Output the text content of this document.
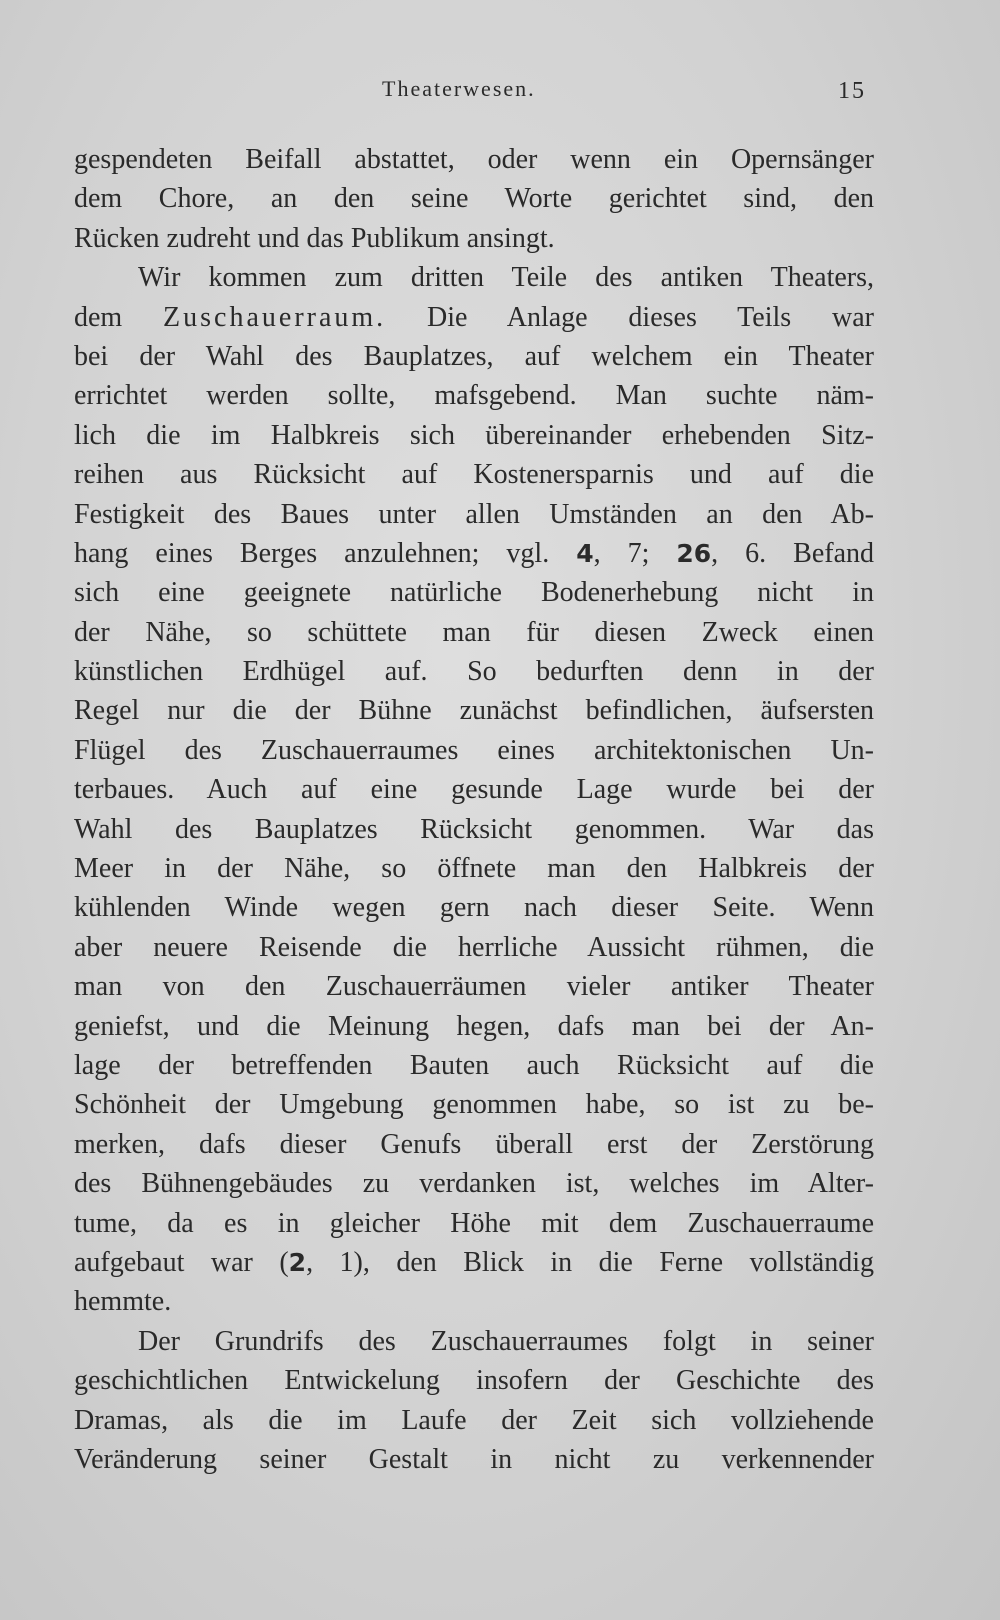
Theaterwesen.	15
gespendeten Beifall abstattet, oder wenn ein Opernsänger
dem Chore, an den seine Worte gerichtet sind, den
Rücken zudreht und das Publikum ansingt.
Wir kommen zum dritten Teile des antiken Theaters,
dem Zuschauerraum. Die Anlage dieses Teils war
bei der Wahl des Bauplatzes, auf welchem ein Theater
errichtet werden sollte, mafsgebend. Man suchte näm-
lich die im Halbkreis sich übereinander erhebenden Sitz-
reihen aus Rücksicht auf Kostenersparnis und auf die
Festigkeit des Baues unter allen Umständen an den Ab-
hang eines Berges anzulehnen; vgl. 4, 7; 26, 6. Befand
sich eine geeignete natürliche Bodenerhebung nicht in
der Nähe, so schüttete man für diesen Zweck einen
künstlichen Erdhügel auf. So bedurften denn in der
Regel nur die der Bühne zunächst befindlichen, äufsersten
Flügel des Zuschauerraumes eines architektonischen Un-
terbaues. Auch auf eine gesunde Lage wurde bei der
Wahl des Bauplatzes Rücksicht genommen. War das
Meer in der Nähe, so öffnete man den Halbkreis der
kühlenden Winde wegen gern nach dieser Seite. Wenn
aber neuere Reisende die herrliche Aussicht rühmen, die
man von den Zuschauerräumen vieler antiker Theater
geniefst, und die Meinung hegen, dafs man bei der An-
lage der betreffenden Bauten auch Rücksicht auf die
Schönheit der Umgebung genommen habe, so ist zu be-
merken, dafs dieser Genufs überall erst der Zerstörung
des Bühnengebäudes zu verdanken ist, welches im Alter-
tume, da es in gleicher Höhe mit dem Zuschauerraume
aufgebaut war (2, 1), den Blick in die Ferne vollständig
hemmte.
Der Grundrifs des Zuschauerraumes folgt in seiner
geschichtlichen Entwickelung insofern der Geschichte des
Dramas, als die im Laufe der Zeit sich vollziehende
Veränderung seiner Gestalt in nicht zu verkennender
